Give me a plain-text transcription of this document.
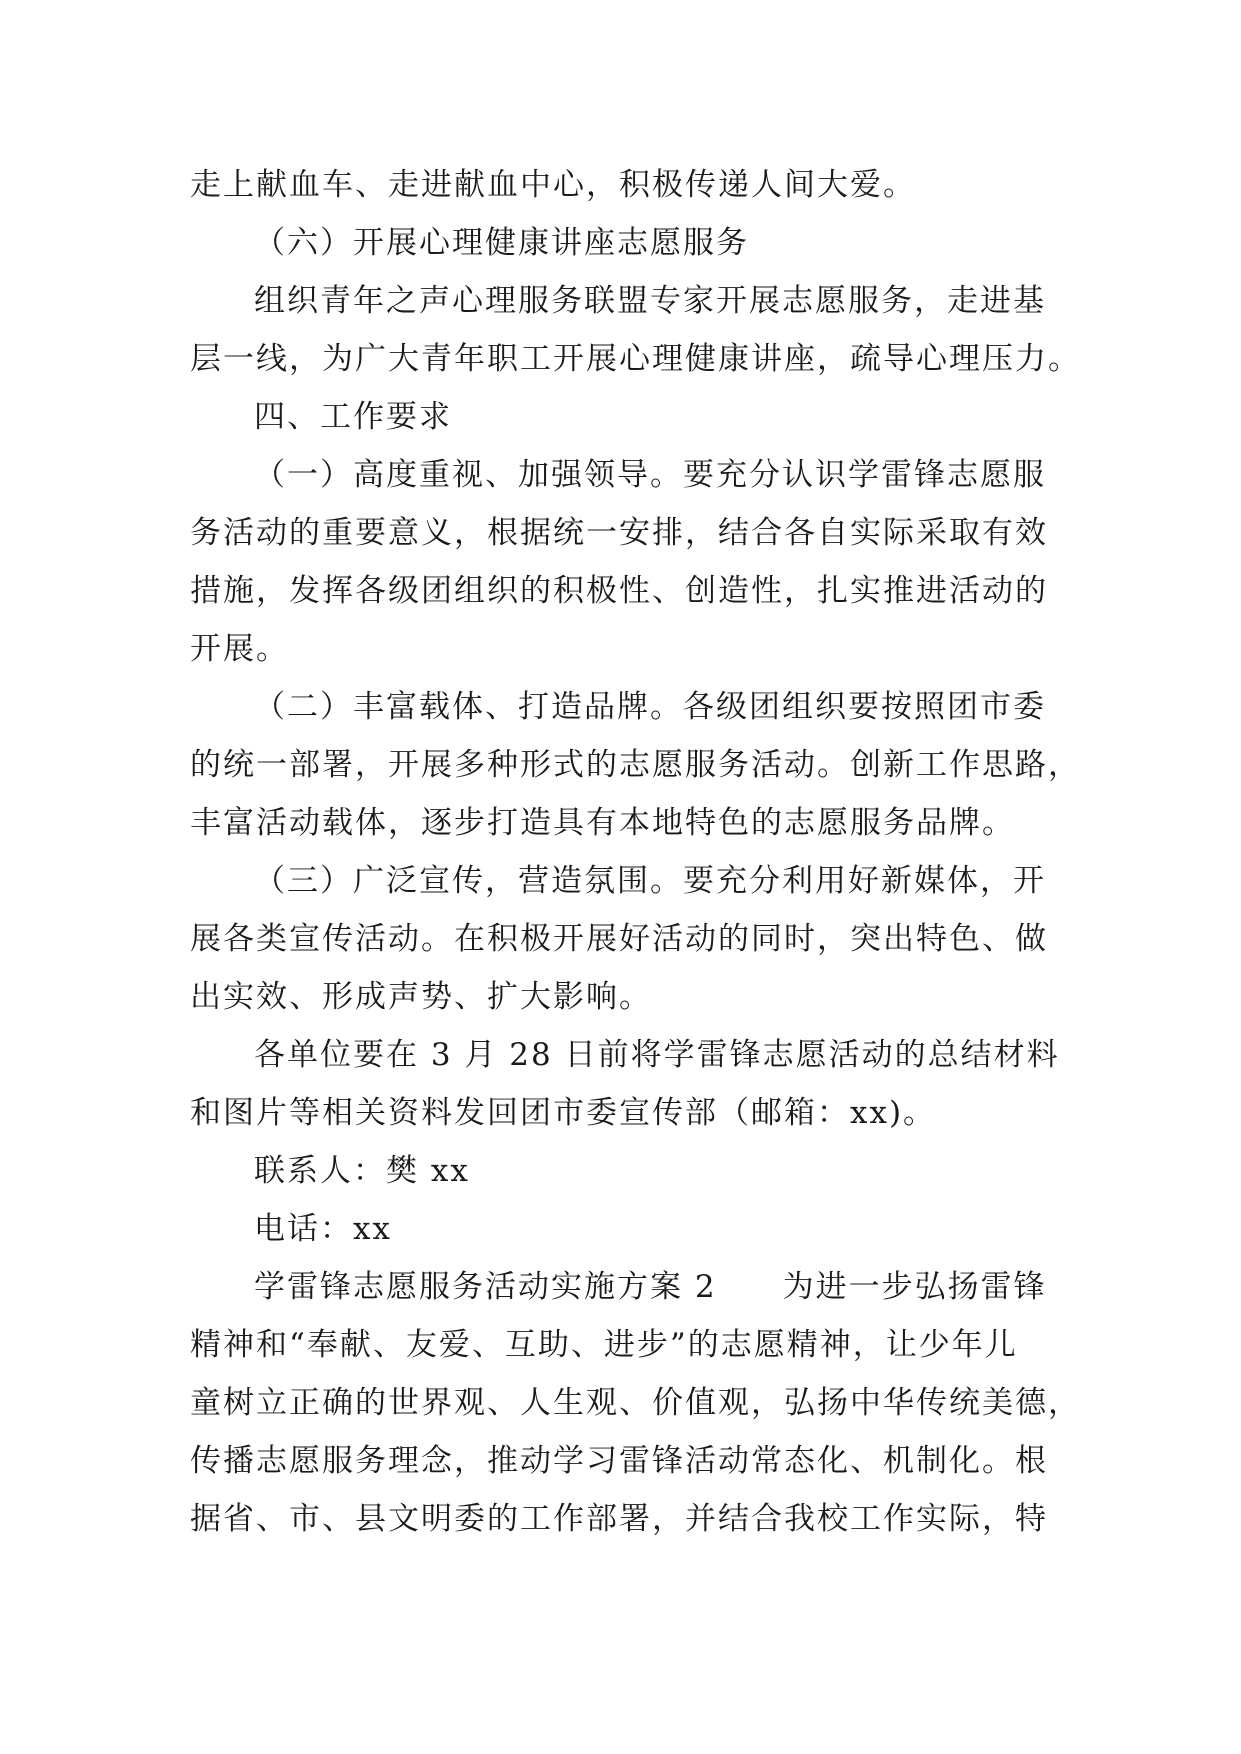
走上献血车、走进献血中心，积极传递人间大爱。
（六）开展心理健康讲座志愿服务
组织青年之声心理服务联盟专家开展志愿服务，走进基
层一线，为广大青年职工开展心理健康讲座，疏导心理压力。
四、工作要求
（一）高度重视、加强领导。要充分认识学雷锋志愿服
务活动的重要意义，根据统一安排，结合各自实际采取有效
措施，发挥各级团组织的积极性、创造性，扎实推进活动的
开展。
（二）丰富载体、打造品牌。各级团组织要按照团市委
的统一部署，开展多种形式的志愿服务活动。创新工作思路，
丰富活动载体，逐步打造具有本地特色的志愿服务品牌。
（三）广泛宣传，营造氛围。要充分利用好新媒体，开
展各类宣传活动。在积极开展好活动的同时，突出特色、做
出实效、形成声势、扩大影响。
各单位要在 3 月 28 日前将学雷锋志愿活动的总结材料
和图片等相关资料发回团市委宣传部（邮箱：xx)。
联系人：樊 xx
电话：xx
学雷锋志愿服务活动实施方案 2　　为进一步弘扬雷锋
精神和“奉献、友爱、互助、进步”的志愿精神，让少年儿
童树立正确的世界观、人生观、价值观，弘扬中华传统美德，
传播志愿服务理念，推动学习雷锋活动常态化、机制化。根
据省、市、县文明委的工作部署，并结合我校工作实际，特
